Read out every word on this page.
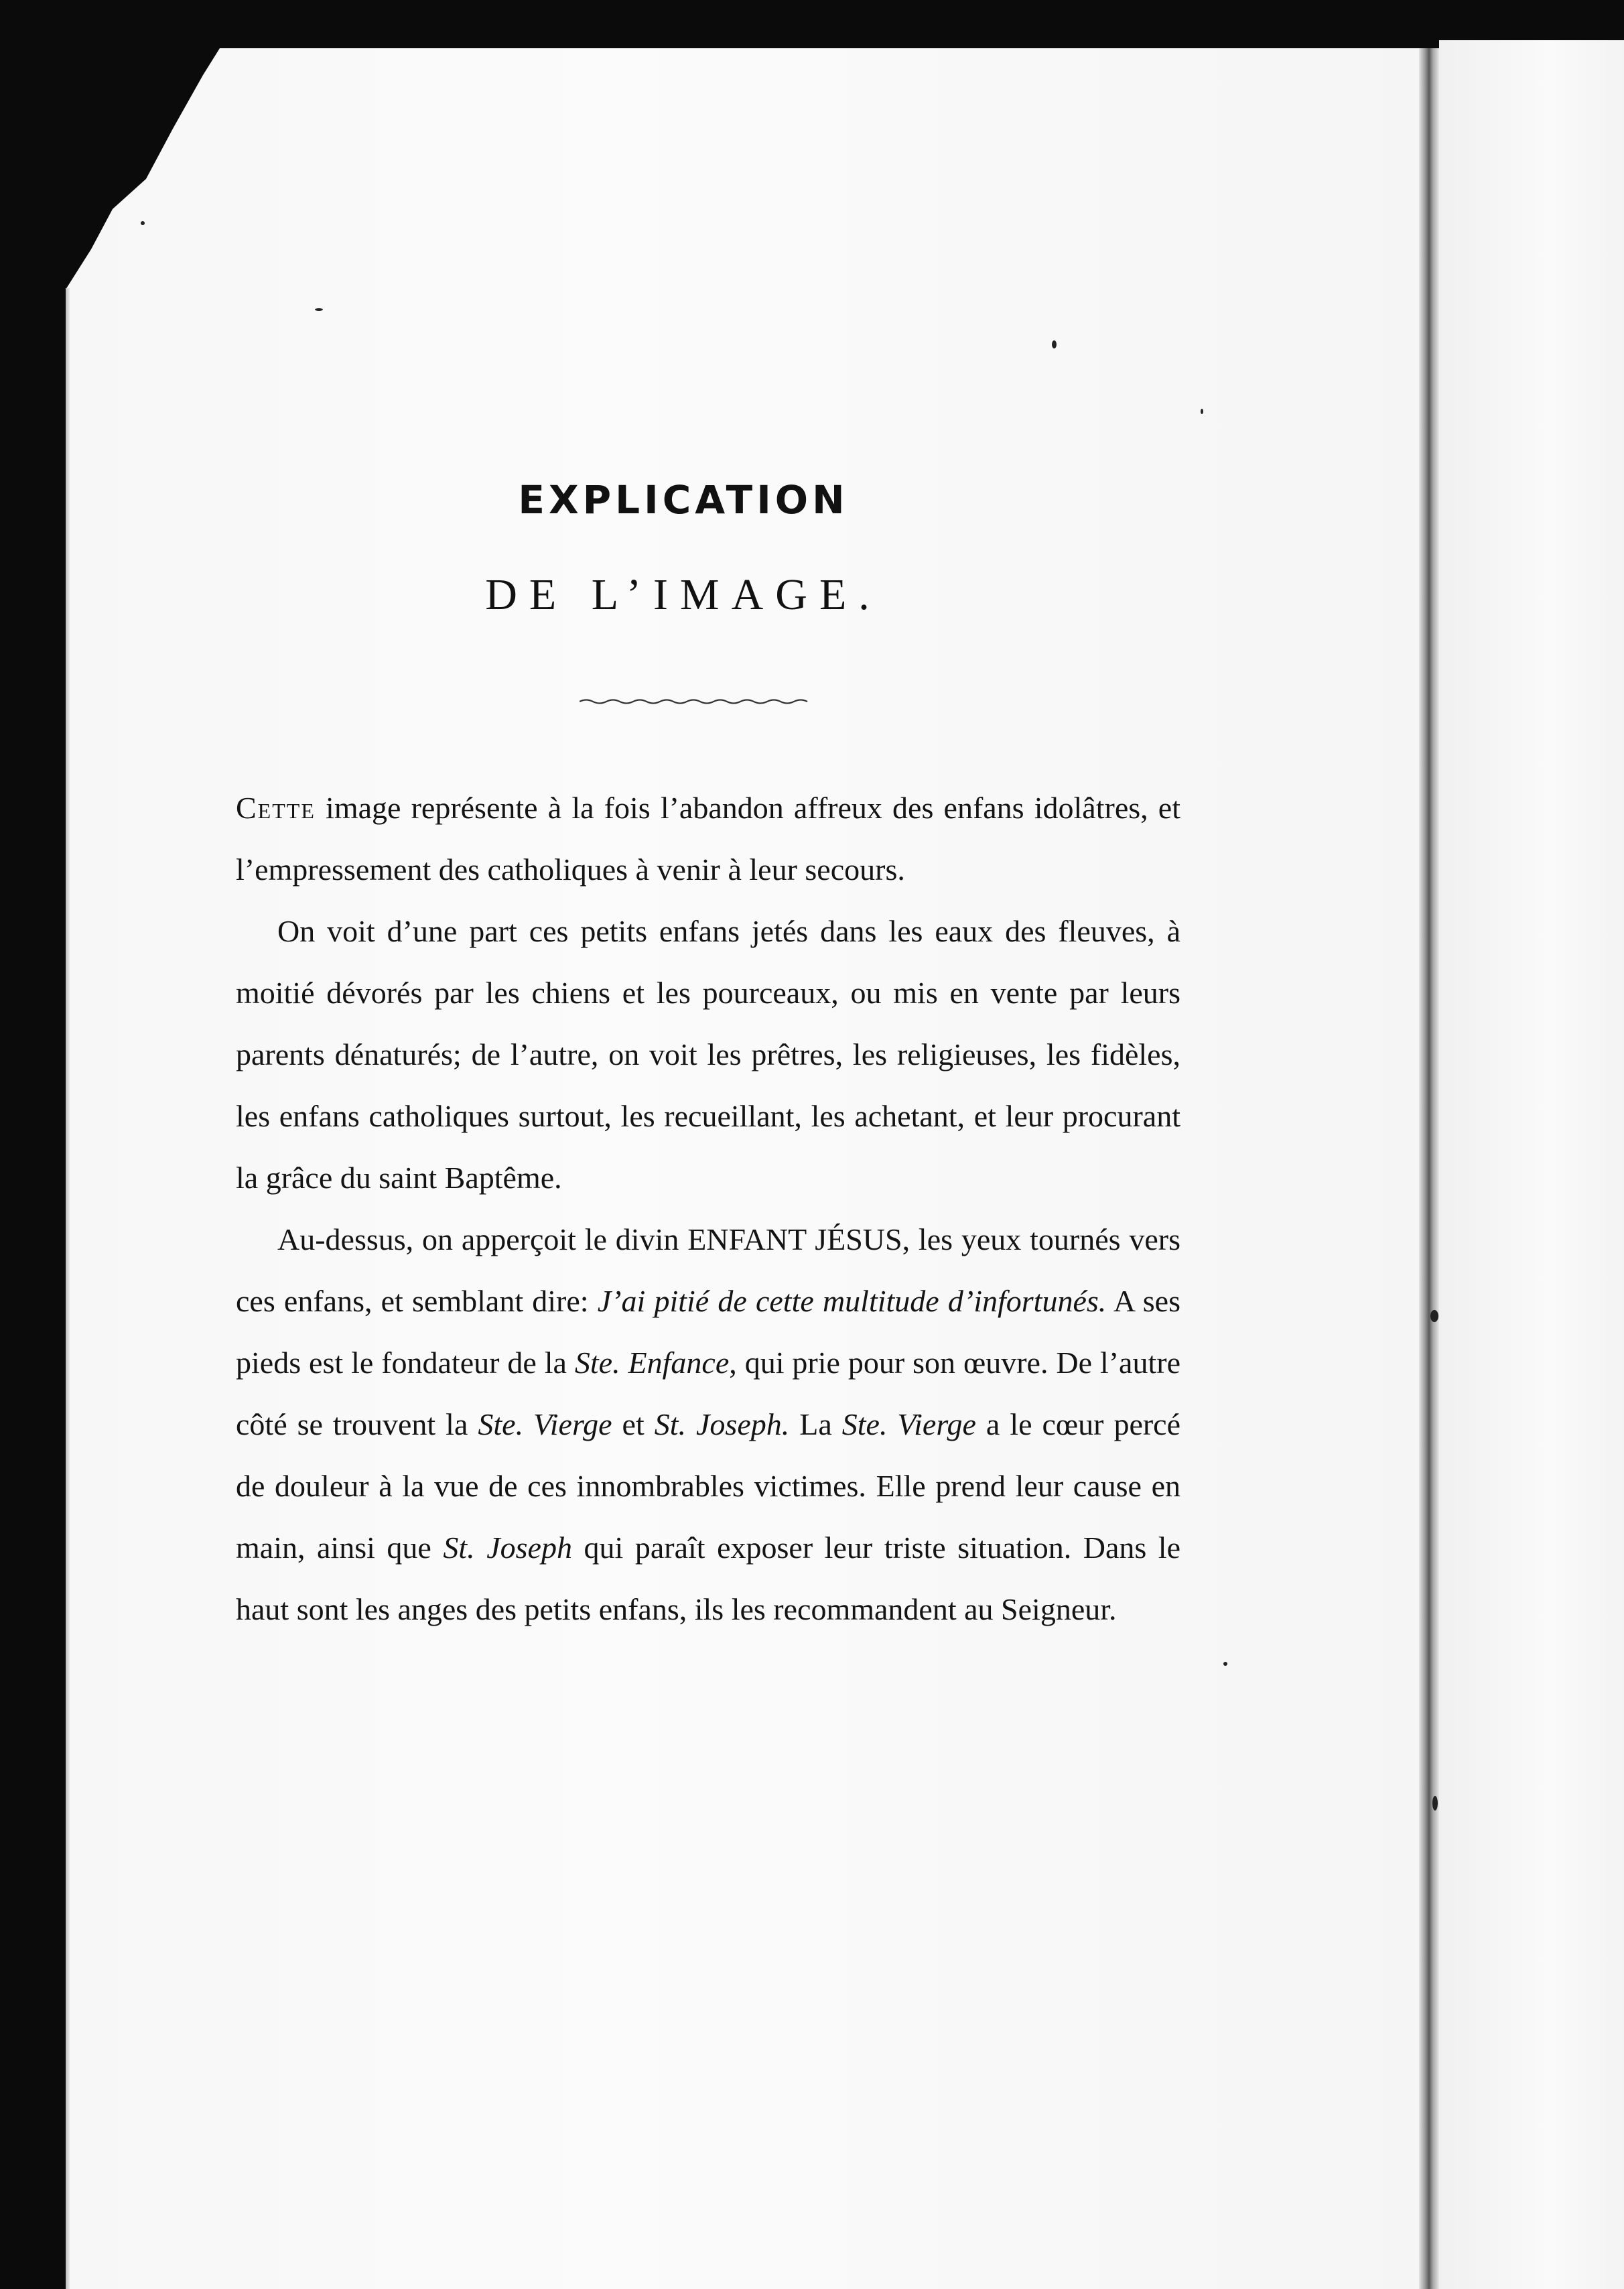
EXPLICATION
DE L’IMAGE.

Cette image représente à la fois l’abandon affreux des enfans idolâtres, et l’empressement des catholiques à venir à leur secours.

On voit d’une part ces petits enfans jetés dans les eaux des fleuves, à moitié dévorés par les chiens et les pourceaux, ou mis en vente par leurs parents dénaturés; de l’autre, on voit les prêtres, les religieuses, les fidèles, les enfans catholiques surtout, les recueillant, les achetant, et leur procurant la grâce du saint Baptême.

Au-dessus, on apperçoit le divin ENFANT JÉSUS, les yeux tournés vers ces enfans, et semblant dire: J’ai pitié de cette multitude d’infortunés. A ses pieds est le fondateur de la Ste. Enfance, qui prie pour son œuvre. De l’autre côté se trouvent la Ste. Vierge et St. Joseph. La Ste. Vierge a le cœur percé de douleur à la vue de ces innombrables victimes. Elle prend leur cause en main, ainsi que St. Joseph qui paraît exposer leur triste situation. Dans le haut sont les anges des petits enfans, ils les recommandent au Seigneur.
